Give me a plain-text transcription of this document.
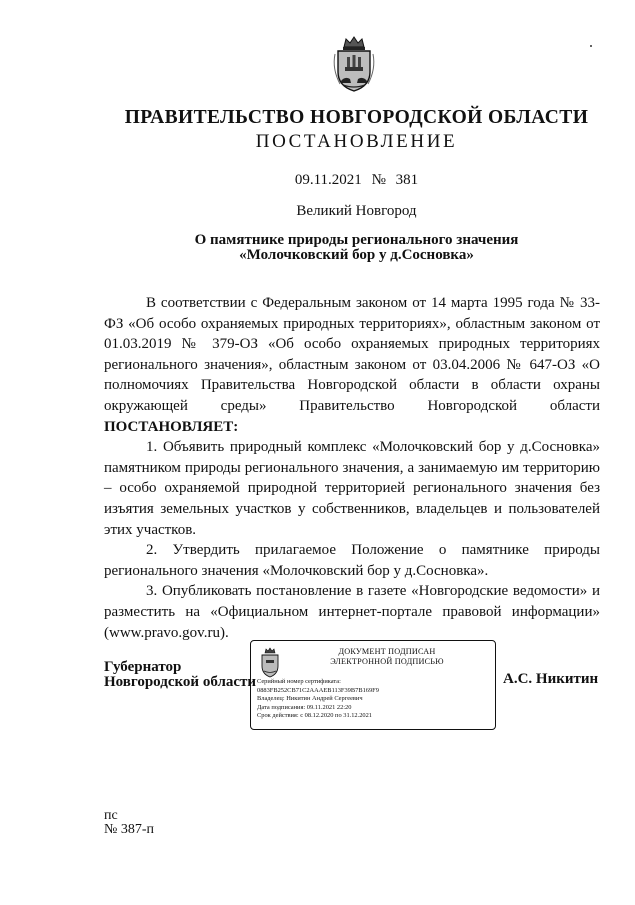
ПРАВИТЕЛЬСТВО НОВГОРОДСКОЙ ОБЛАСТИ
ПОСТАНОВЛЕНИЕ
09.11.2021 № 381
Великий Новгород
О памятнике природы регионального значения
«Молочковский бор у д.Сосновка»

В соответствии с Федеральным законом от 14 марта 1995 года № 33-ФЗ «Об особо охраняемых природных территориях», областным законом от 01.03.2019 № 379-ОЗ «Об особо охраняемых природных территориях регионального значения», областным законом от 03.04.2006 № 647-ОЗ «О полномочиях Правительства Новгородской области в области охраны окружающей среды» Правительство Новгородской области ПОСТАНОВЛЯЕТ:

1. Объявить природный комплекс «Молочковский бор у д.Сосновка» памятником природы регионального значения, а занимаемую им территорию – особо охраняемой природной территорией регионального значения без изъятия земельных участков у собственников, владельцев и пользователей этих участков.

2. Утвердить прилагаемое Положение о памятнике природы регионального значения «Молочковский бор у д.Сосновка».

3. Опубликовать постановление в газете «Новгородские ведомости» и разместить на «Официальном интернет-портале правовой информации» (www.pravo.gov.ru).

Губернатор
Новгородской области
ДОКУМЕНТ ПОДПИСАН
ЭЛЕКТРОННОЙ ПОДПИСЬЮ
Серийный номер сертификата:
0883FB252CB71C2AAAEB113F39B7B169F9
Владелец: Никитин Андрей Сергеевич
Дата подписания: 09.11.2021 22:20
Срок действия: с 08.12.2020 по 31.12.2021
А.С. Никитин
пс
№ 387-п
